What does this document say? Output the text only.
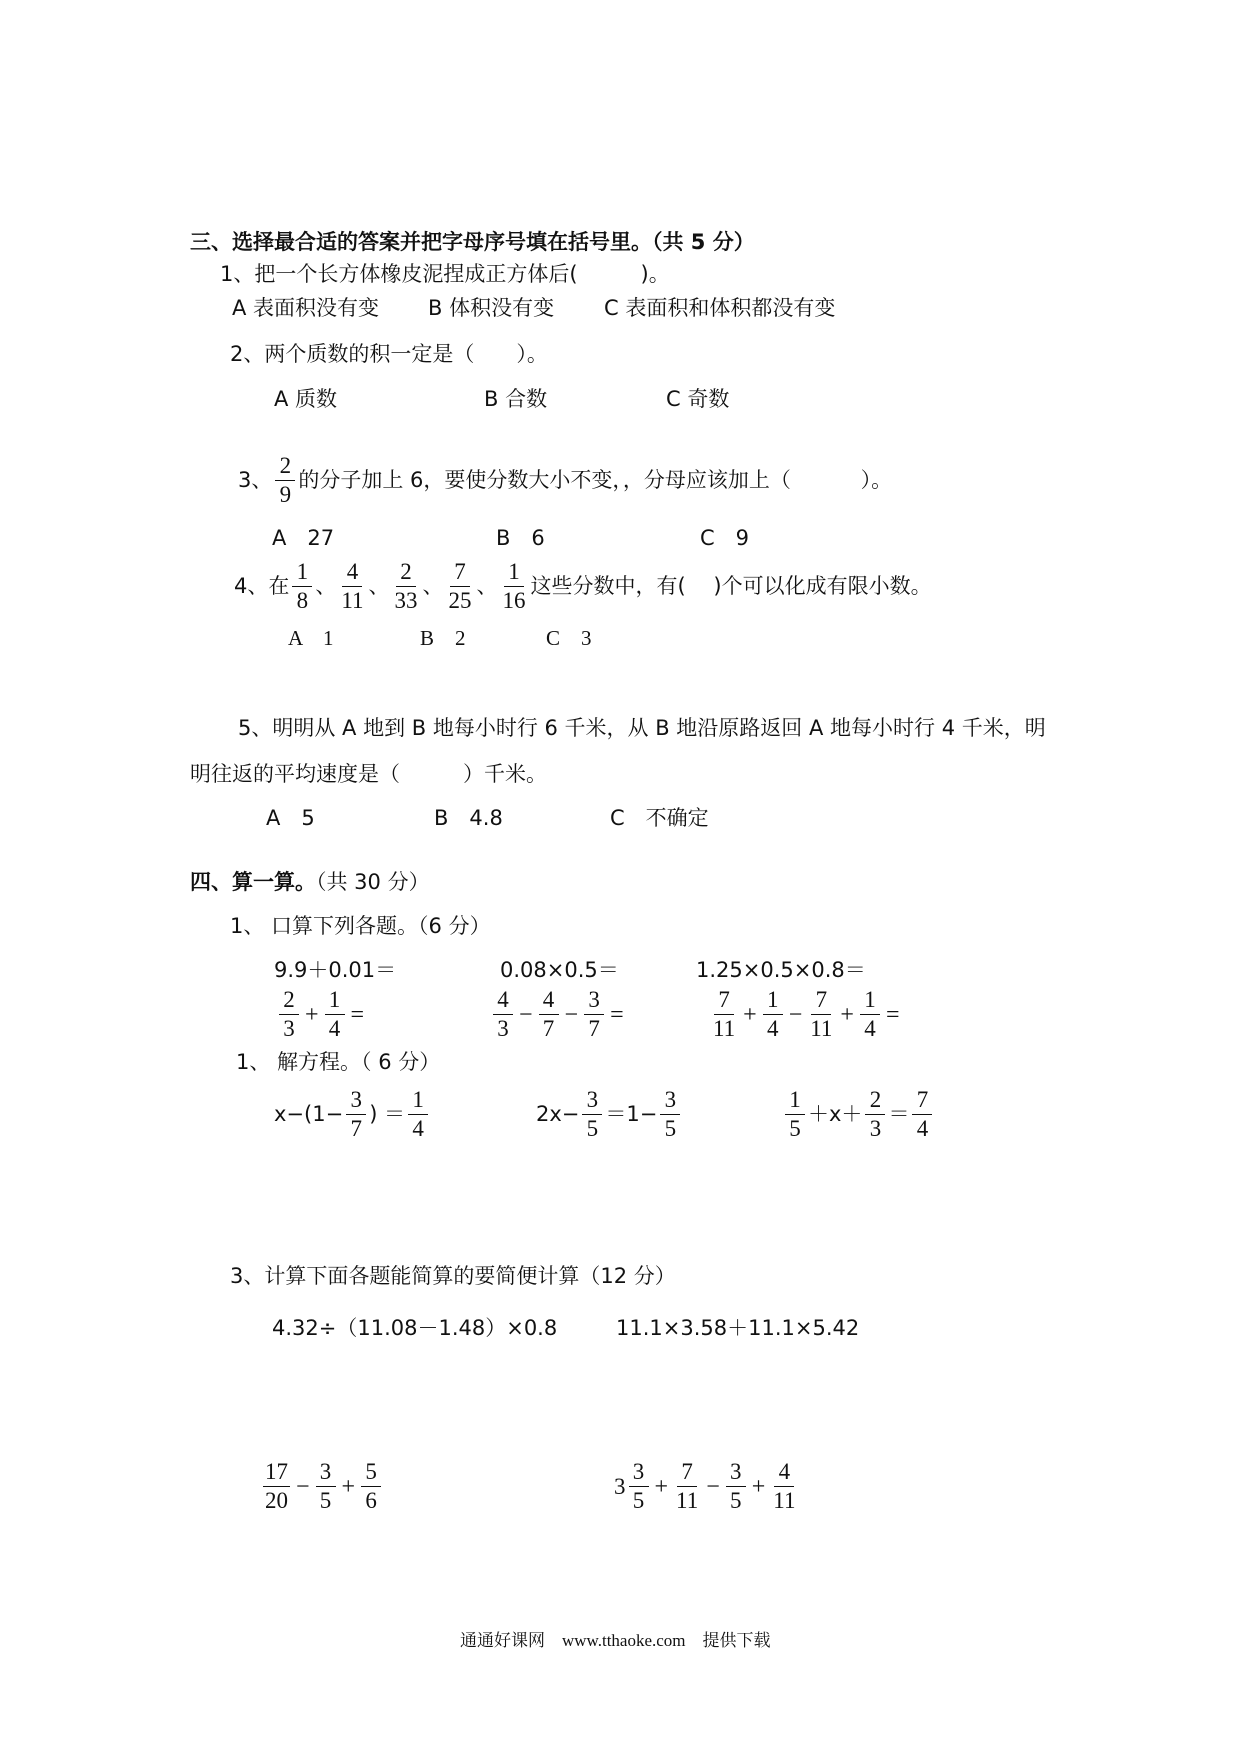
三、选择最合适的答案并把字母序号填在括号里。（共 5 分）
1、把一个长方体橡皮泥捏成正方体后(　　　)。
A 表面积没有变 B 体积没有变 C 表面积和体积都没有变
2、两个质数的积一定是（　　）。
A 质数	B 合数	C 奇数
3、 $\frac{2}{9}$ 的分子加上 6，要使分数大小不变，，分母应该加上（　　　 ）。
A　27	B　6	C　9
4、在 $\frac{1}{8}$ 、 $\frac{4}{11}$ 、 $\frac{2}{33}$ 、 $\frac{7}{25}$ 、 $\frac{1}{16}$ 这些分数中，有(　 )个可以化成有限小数。
A　1	B　2	C　3
5、明明从 A 地到 B 地每小时行 6 千米，从 B 地沿原路返回 A 地每小时行 4 千米，明
明往返的平均速度是（　　　）千米。
A　5	B　4.8	C　不确定
四、算一算。（共 30 分）
1、 口算下列各题。（6 分）
9.9＋0.01＝	0.08×0.5＝	1.25×0.5×0.8＝
$\frac{2}{3} + \frac{1}{4}$ =	$\frac{4}{3} - \frac{4}{7} - \frac{3}{7}$ =	$\frac{7}{11} + \frac{1}{4} - \frac{7}{11} + \frac{1}{4}$ =
1、 解方程。（ 6 分）
$x-(1- \frac{3}{7}$ ) ＝ $\frac{1}{4}$	$2x- \frac{3}{5} =1- \frac{3}{5}$	$\frac{1}{5} +x+ \frac{2}{3} = \frac{7}{4}$
3、计算下面各题能简算的要简便计算（12 分）
4.32÷（11.08－1.48）×0.8	11.1×3.58＋11.1×5.42
$\frac{17}{20} - \frac{3}{5} + \frac{5}{6}$	$3 \frac{3}{5} + \frac{7}{11} - \frac{3}{5} + \frac{4}{11}$
通通好课网　www.tthaoke.com　提供下载
